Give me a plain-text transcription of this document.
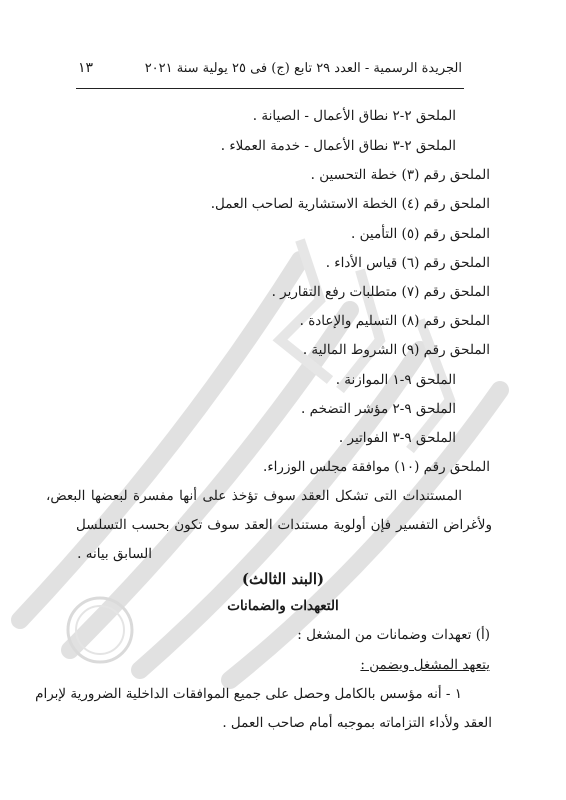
الجريدة الرسمية - العدد ٢٩ تابع (ج) فى ٢٥ يولية سنة ٢٠٢١
١٣
الملحق ٢-٢ نطاق الأعمال - الصيانة .
الملحق ٢-٣ نطاق الأعمال - خدمة العملاء .
الملحق رقم (٣) خطة التحسين .
الملحق رقم (٤) الخطة الاستشارية لصاحب العمل.
الملحق رقم (٥) التأمين .
الملحق رقم (٦) قياس الأداء .
الملحق رقم (٧) متطلبات رفع التقارير .
الملحق رقم (٨) التسليم والإعادة .
الملحق رقم (٩) الشروط المالية .
الملحق ٩-١ الموازنة .
الملحق ٩-٢ مؤشر التضخم .
الملحق ٩-٣ الفواتير .
الملحق رقم (١٠) موافقة مجلس الوزراء.
المستندات التى تشكل العقد سوف تؤخذ على أنها مفسرة لبعضها البعض،
ولأغراض التفسير فإن أولوية مستندات العقد سوف تكون بحسب التسلسل
السابق بيانه .
(البند الثالث)
التعهدات والضمانات
(أ) تعهدات وضمانات من المشغل :
يتعهد المشغل ويضمن :
١ - أنه مؤسس بالكامل وحصل على جميع الموافقات الداخلية الضرورية لإبرام
العقد ولأداء التزاماته بموجبه أمام صاحب العمل .
